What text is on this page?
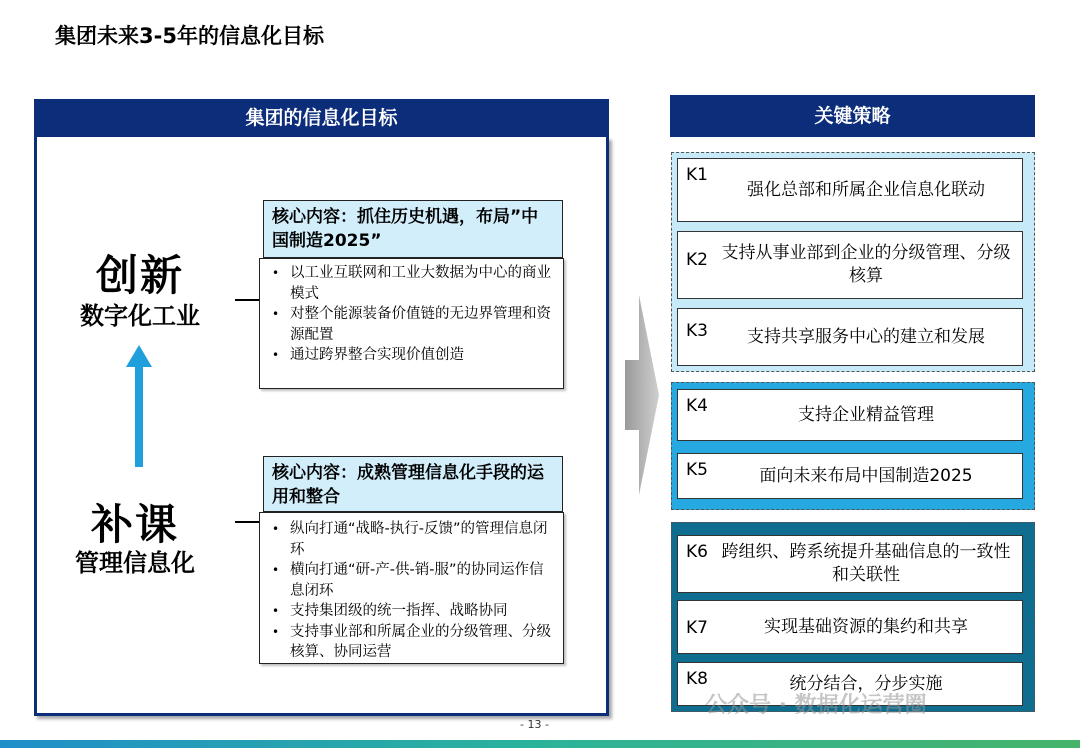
集团未来3-5年的信息化目标
集团的信息化目标
创新
数字化工业
补课
管理信息化
核心内容：抓住历史机遇，布局”中国制造2025”
• 以工业互联网和工业大数据为中心的商业模式
• 对整个能源装备价值链的无边界管理和资源配置
• 通过跨界整合实现价值创造
核心内容：成熟管理信息化手段的运用和整合
• 纵向打通“战略-执行-反馈”的管理信息闭环
• 横向打通“研-产-供-销-服”的协同运作信息闭环
• 支持集团级的统一指挥、战略协同
• 支持事业部和所属企业的分级管理、分级核算、协同运营
关键策略
K1
强化总部和所属企业信息化联动
K2 支持从事业部到企业的分级管理、分级核算
K3	支持共享服务中心的建立和发展
K4	支持企业精益管理
K5	面向未来布局中国制造2025
K6 跨组织、跨系统提升基础信息的一致性和关联性
K7	实现基础资源的集约和共享
K8	统分结合，分步实施
公众号 · 数据化运营圈
- 13 -
